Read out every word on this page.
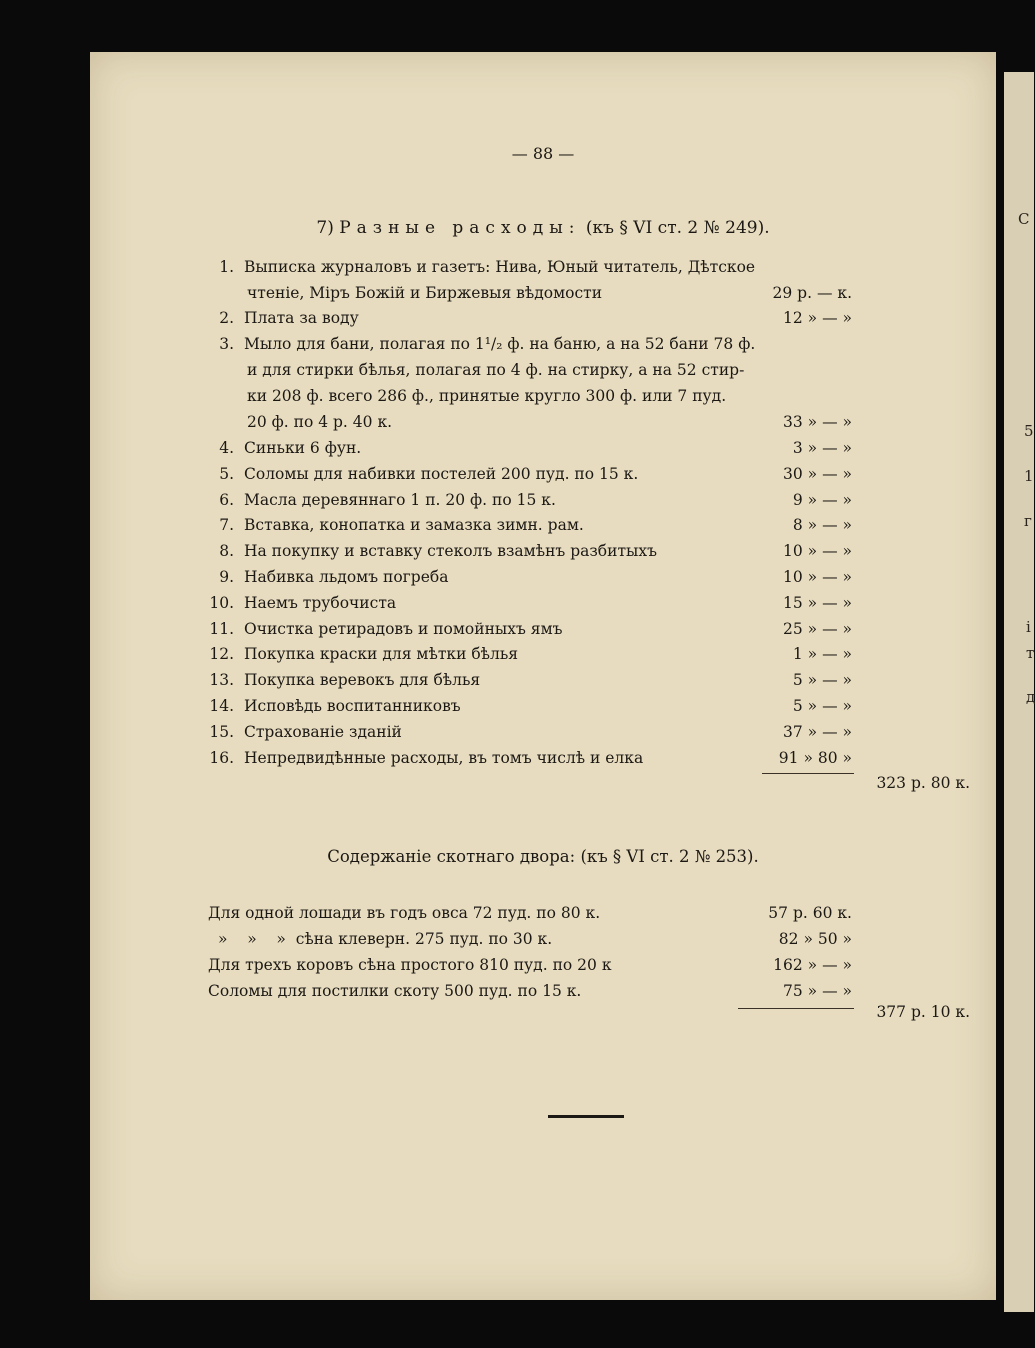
С
5
1
г
і
т
д
— 88 —
7) Разные расходы: (къ § VI ст. 2 № 249).
1. Выписка журналовъ и газетъ: Нива, Юный читатель, Дѣтское
чтеніе, Міръ Божій и Биржевыя вѣдомости	29 р. — к.
2. Плата за воду	12 » — »
3. Мыло для бани, полагая по 1¹/₂ ф. на баню, а на 52 бани 78 ф.
и для стирки бѣлья, полагая по 4 ф. на стирку, а на 52 стир-
ки 208 ф. всего 286 ф., принятые кругло 300 ф. или 7 пуд.
20 ф. по 4 р. 40 к.	33 » — »
4. Синьки 6 фун.	3 » — »
5. Соломы для набивки постелей 200 пуд. по 15 к.	30 » — »
6. Масла деревяннаго 1 п. 20 ф. по 15 к.	9 » — »
7. Вставка, конопатка и замазка зимн. рам.	8 » — »
8. На покупку и вставку стеколъ взамѣнъ разбитыхъ	10 » — »
9. Набивка льдомъ погреба	10 » — »
10. Наемъ трубочиста	15 » — »
11. Очистка ретирадовъ и помойныхъ ямъ	25 » — »
12. Покупка краски для мѣтки бѣлья	1 » — »
13. Покупка веревокъ для бѣлья	5 » — »
14. Исповѣдь воспитанниковъ	5 » — »
15. Страхованіе зданій	37 » — »
16. Непредвидѣнные расходы, въ томъ числѣ и елка	91 » 80 »
323 р. 80 к.
Содержаніе скотнаго двора: (къ § VI ст. 2 № 253).
Для одной лошади въ годъ овса 72 пуд. по 80 к.	57 р. 60 к.
»    »    »  сѣна клеверн. 275 пуд. по 30 к.	82 » 50 »
Для трехъ коровъ сѣна простого 810 пуд. по 20 к	162 » — »
Соломы для постилки скоту 500 пуд. по 15 к.	75 » — »
377 р. 10 к.
